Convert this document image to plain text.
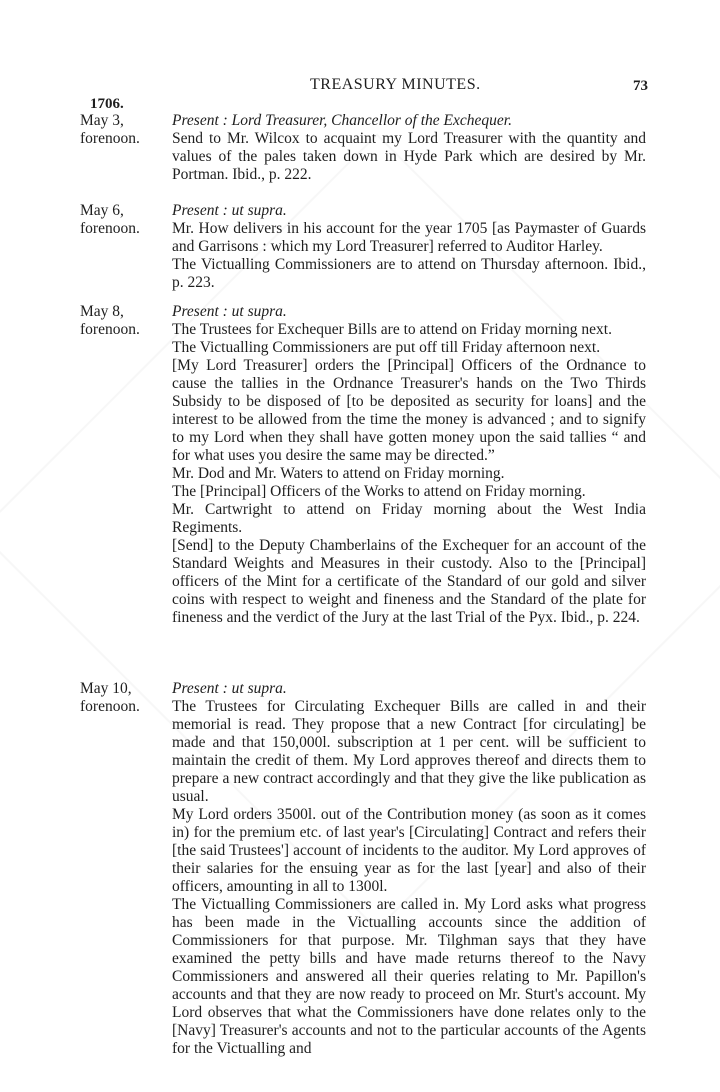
TREASURY MINUTES.	73
1706.
May 3,
forenoon.

Present : Lord Treasurer, Chancellor of the Exchequer.

Send to Mr. Wilcox to acquaint my Lord Treasurer with the quantity and values of the pales taken down in Hyde Park which are desired by Mr. Portman. Ibid., p. 222.

May 6,
forenoon.

Present : ut supra.

Mr. How delivers in his account for the year 1705 [as Paymaster of Guards and Garrisons : which my Lord Treasurer] referred to Auditor Harley.

The Victualling Commissioners are to attend on Thursday afternoon. Ibid., p. 223.

May 8,
forenoon.

Present : ut supra.

The Trustees for Exchequer Bills are to attend on Friday morning next.

The Victualling Commissioners are put off till Friday afternoon next.

[My Lord Treasurer] orders the [Principal] Officers of the Ordnance to cause the tallies in the Ordnance Treasurer's hands on the Two Thirds Subsidy to be disposed of [to be deposited as security for loans] and the interest to be allowed from the time the money is advanced ; and to signify to my Lord when they shall have gotten money upon the said tallies “ and for what uses you desire the same may be directed.”

Mr. Dod and Mr. Waters to attend on Friday morning.

The [Principal] Officers of the Works to attend on Friday morning.

Mr. Cartwright to attend on Friday morning about the West India Regiments.

[Send] to the Deputy Chamberlains of the Exchequer for an account of the Standard Weights and Measures in their custody. Also to the [Principal] officers of the Mint for a certificate of the Standard of our gold and silver coins with respect to weight and fineness and the Standard of the plate for fineness and the verdict of the Jury at the last Trial of the Pyx. Ibid., p. 224.

May 10,
forenoon.

Present : ut supra.

The Trustees for Circulating Exchequer Bills are called in and their memorial is read. They propose that a new Contract [for circulating] be made and that 150,000l. subscription at 1 per cent. will be sufficient to maintain the credit of them. My Lord approves thereof and directs them to prepare a new contract accordingly and that they give the like publication as usual.

My Lord orders 3500l. out of the Contribution money (as soon as it comes in) for the premium etc. of last year's [Circulating] Contract and refers their [the said Trustees'] account of incidents to the auditor. My Lord approves of their salaries for the ensuing year as for the last [year] and also of their officers, amounting in all to 1300l.

The Victualling Commissioners are called in. My Lord asks what progress has been made in the Victualling accounts since the addition of Commissioners for that purpose. Mr. Tilghman says that they have examined the petty bills and have made returns thereof to the Navy Commissioners and answered all their queries relating to Mr. Papillon's accounts and that they are now ready to proceed on Mr. Sturt's account. My Lord observes that what the Commissioners have done relates only to the [Navy] Treasurer's accounts and not to the particular accounts of the Agents for the Victualling and
